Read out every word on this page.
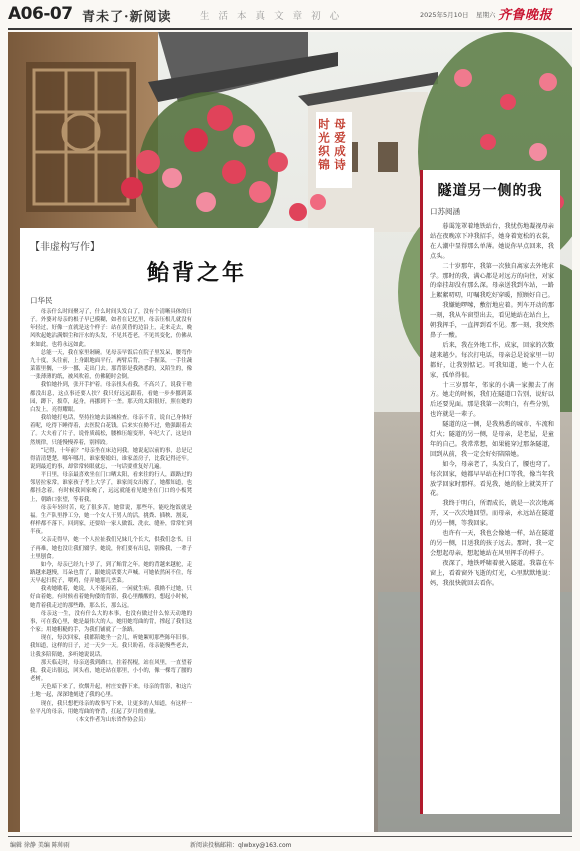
A06-07 青未了·新阅读	生 活 本 真 文 章 初 心	2025年5月10日 星期六 齐鲁晚报
母爱成诗
时光织锦
【非虚构写作】
鲐背之年
口华民

母亲什么时间聚习了，什么时间头发白了，没有个清晰具体的日子。外婆对母亲的根子早已模糊，如者在记忆里，母亲压根儿就没有年轻过，好像一直就是这个样子：站在黄昏的边沿上，走来走去，晚风吹起她沾满烟尘和汗水的头发，不见其苍老，不见其变化，仿佛从来如此，也将永远如此。

总能一天，我在家里剁碗。见母亲早饭后在院子里发呆，腰弯作九十度，头往前，上身跟地面平行，两臂后背，一手握菜，一手往蔬菜篮里搁，一步一挪，走出门去。那背影是我熟悉的，又陌生的，像一张薄薄的纸，被风吹着，仿佛随时会倒。

我怕她扑到，张开手护着。母亲扭头看我，不高兴了，说我干啥都没出息，这点事还要人扶？我只好远远跟着，看她一步步挪到菜园，蹲下，拔草，起身，再挪到下一垄。那天的太阳很好，照在她的白发上，亮得耀眼。

我给她打电话，坚持拉她去县城检查。母亲不肯，说自己身体好着呢，吃得下睡得着，去医院白花钱。后来实在拗不过，勉强跟着去了。大夫看了片子，说骨质疏松，腰椎压缩变形，年纪大了，这是自然规律，只能慢慢养着，别摔跤。

“记得，十年前？”母亲坐在床边问我。她说起以前的事，总是记得清清楚楚，哪年哪月，谁家娶媳妇，谁家盖房子，比我记得还牢。说到最近的事，却常常转眼就忘，一句话要重复好几遍。

平日里，母亲最喜欢坐在门口晒太阳，看来往的行人，跟路过的邻居拉家常。谁家孩子考上大学了，谁家闺女出嫁了，她都知道，也都挂念着。有时候我回家晚了，远远就能看见她坐在门口的小板凳上，朝路口张望，等着我。

母亲年轻时苦，吃了很多苦。她常说，那些年，能吃饱饭就是福。生产队里挣工分，她一个女人干男人的活，挑粪、插秧、割麦，样样都不落下。回到家，还要给一家人做饭、洗衣、缝补，常常忙到半夜。

父亲走得早，她一个人拉扯我们兄妹几个长大，供我们念书。日子再难，她也没让我们辍学。她说，你们要有出息，别像我，一辈子土里刨食。

如今，母亲已经九十岁了，到了鲐背之年。她的背越来越驼，走路越来越慢，耳朵也背了，跟她说话要大声喊。可她依然闲不住，每天早起扫院子，喂鸡，侍弄她那几垄菜。

我劝她歇着，她说，人不能闲着，一闲就生病。我拗不过她，只好由着她。有时候看着她佝偻的背影，我心里酸酸的，想起小时候，她背着我走过的那些路，那么长，那么远。

母亲这一生，没有什么大的本事，也没有做过什么惊天动地的事，可在我心里，她是最伟大的人。她用她弯曲的背，撑起了我们这个家；用她粗糙的手，为我们铺就了一条路。

现在，每次回家，我都陪她坐一会儿，听她絮叨那些陈年旧事。我知道，这样的日子，过一天少一天。我只盼着，母亲能慢些老去，让我多陪陪她，多听她说说话。

那天临走时，母亲送我到路口，拄着拐棍，站在风里，一直望着我。我走出很远，回头看，她还站在那里，小小的，像一棵弯了腰的老树。

天色暗下来了，炊烟升起，村庄安静下来。母亲的背影，和这片土地一起，深深地刻进了我的心里。

现在，我只想把母亲的故事写下来，让更多的人知道，有这样一位平凡的母亲，用她弯曲的脊背，扛起了岁月的重量。

（本文作者为山东省作协会员）

隧道另一侧的我
口苏阅涵

暮霭笼罩着地铁站台，我忧伤地凝视母亲站在夜晚凉下冲我招手，她身着宽松的衣裳，在人潮中显得那么单薄。她说你早点回来，我点头。

二十岁那年，我第一次独自离家去外地求学。那时的我，满心都是对远方的向往，对家的牵挂却没有那么深。母亲送我到车站，一路上絮絮叨叨，叮嘱我吃好穿暖，照顾好自己。

我嫌她啰嗦，敷衍地应着。列车开动的那一刻，我从车窗望出去，看见她站在站台上，朝我挥手，一直挥到看不见。那一刻，我突然鼻子一酸。

后来，我在外地工作，成家，回家的次数越来越少。每次打电话，母亲总是说家里一切都好，让我别惦记。可我知道，她一个人在家，孤单得很。

十三岁那年，邻家的小满一家搬去了南方。她走的时候，我们在隧道口告别，说好以后还要见面。那是我第一次明白，有些分别，也许就是一辈子。

隧道的这一侧，是我熟悉的城市、车流和灯火；隧道的另一侧，是母亲，是老屋，是童年的自己。我常常想，如果能穿过那条隧道，回到从前，我一定会好好陪陪她。

如今，母亲老了，头发白了，腰也弯了。每次回家，她都早早站在村口等我，像当年我放学回家时那样。看见我，她的脸上就笑开了花。

我终于明白，所谓成长，就是一次次地离开，又一次次地回望。而母亲，永远站在隧道的另一侧，等我回家。

也许有一天，我也会像她一样，站在隧道的另一侧，目送我的孩子远去。那时，我一定会想起母亲，想起她站在风里挥手的样子。

夜深了，地铁呼啸着驶入隧道。我靠在车窗上，看着窗外飞逝的灯光，心里默默地说：妈，我很快就回去看你。

编辑 徐静 美编 陈帅雨	新阅读投稿邮箱：qlwbxy@163.com
